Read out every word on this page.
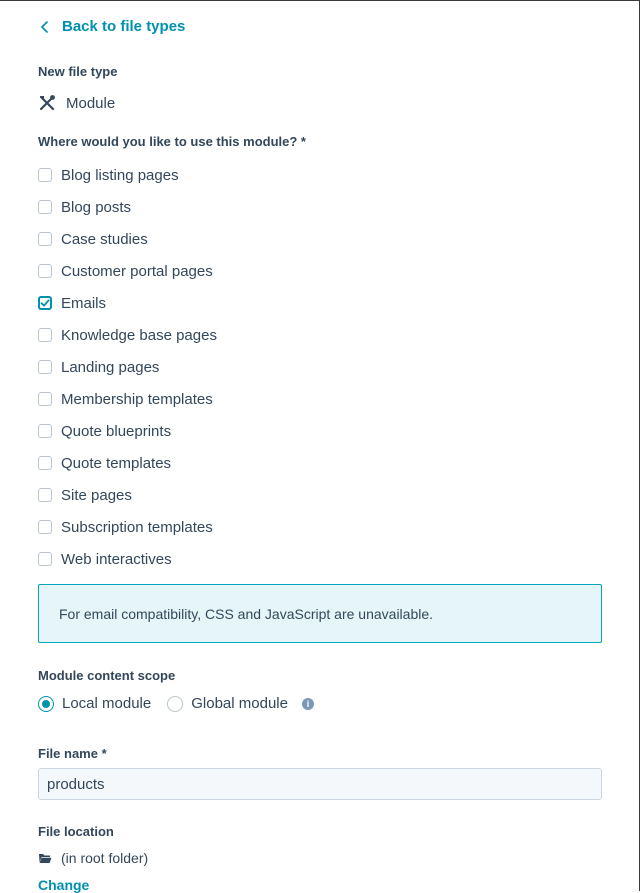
Back to file types
New file type
Module
Where would you like to use this module? *
Blog listing pages
Blog posts
Case studies
Customer portal pages
Emails
Knowledge base pages
Landing pages
Membership templates
Quote blueprints
Quote templates
Site pages
Subscription templates
Web interactives
For email compatibility, CSS and JavaScript are unavailable.
Module content scope
Local module	Global module	i
File name *
products
File location
(in root folder)
Change
